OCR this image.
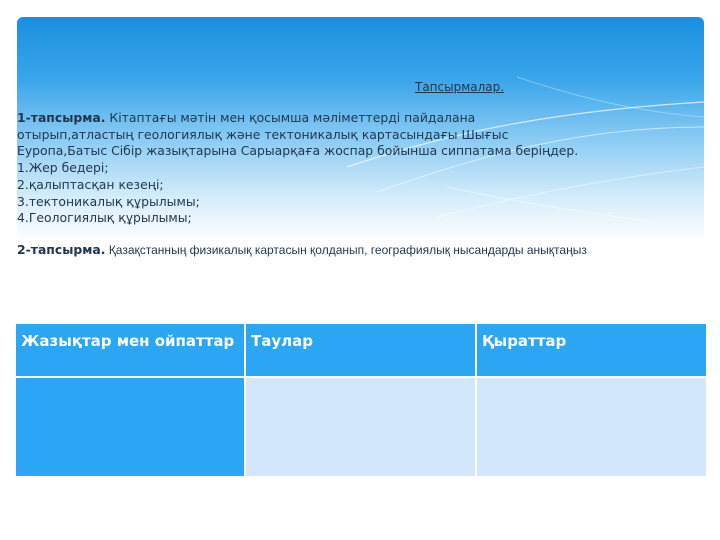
Тапсырмалар.
1-тапсырма. Кітаптағы мәтін мен қосымша мәліметтерді пайдалана
отырып,атластың геологиялық және тектоникалық картасындағы Шығыс
Еуропа,Батыс Сібір жазықтарына Сарыарқаға жоспар бойынша сиппатама беріңдер.
1.Жер бедері;
2.қалыптасқан кезеңі;
3.тектоникалық құрылымы;
4.Геологиялық құрылымы;
2-тапсырма. Қазақстанның физикалық картасын қолданып, географиялық нысандарды анықтаңыз
Жазықтар мен ойпаттар	Таулар	Қыраттар
